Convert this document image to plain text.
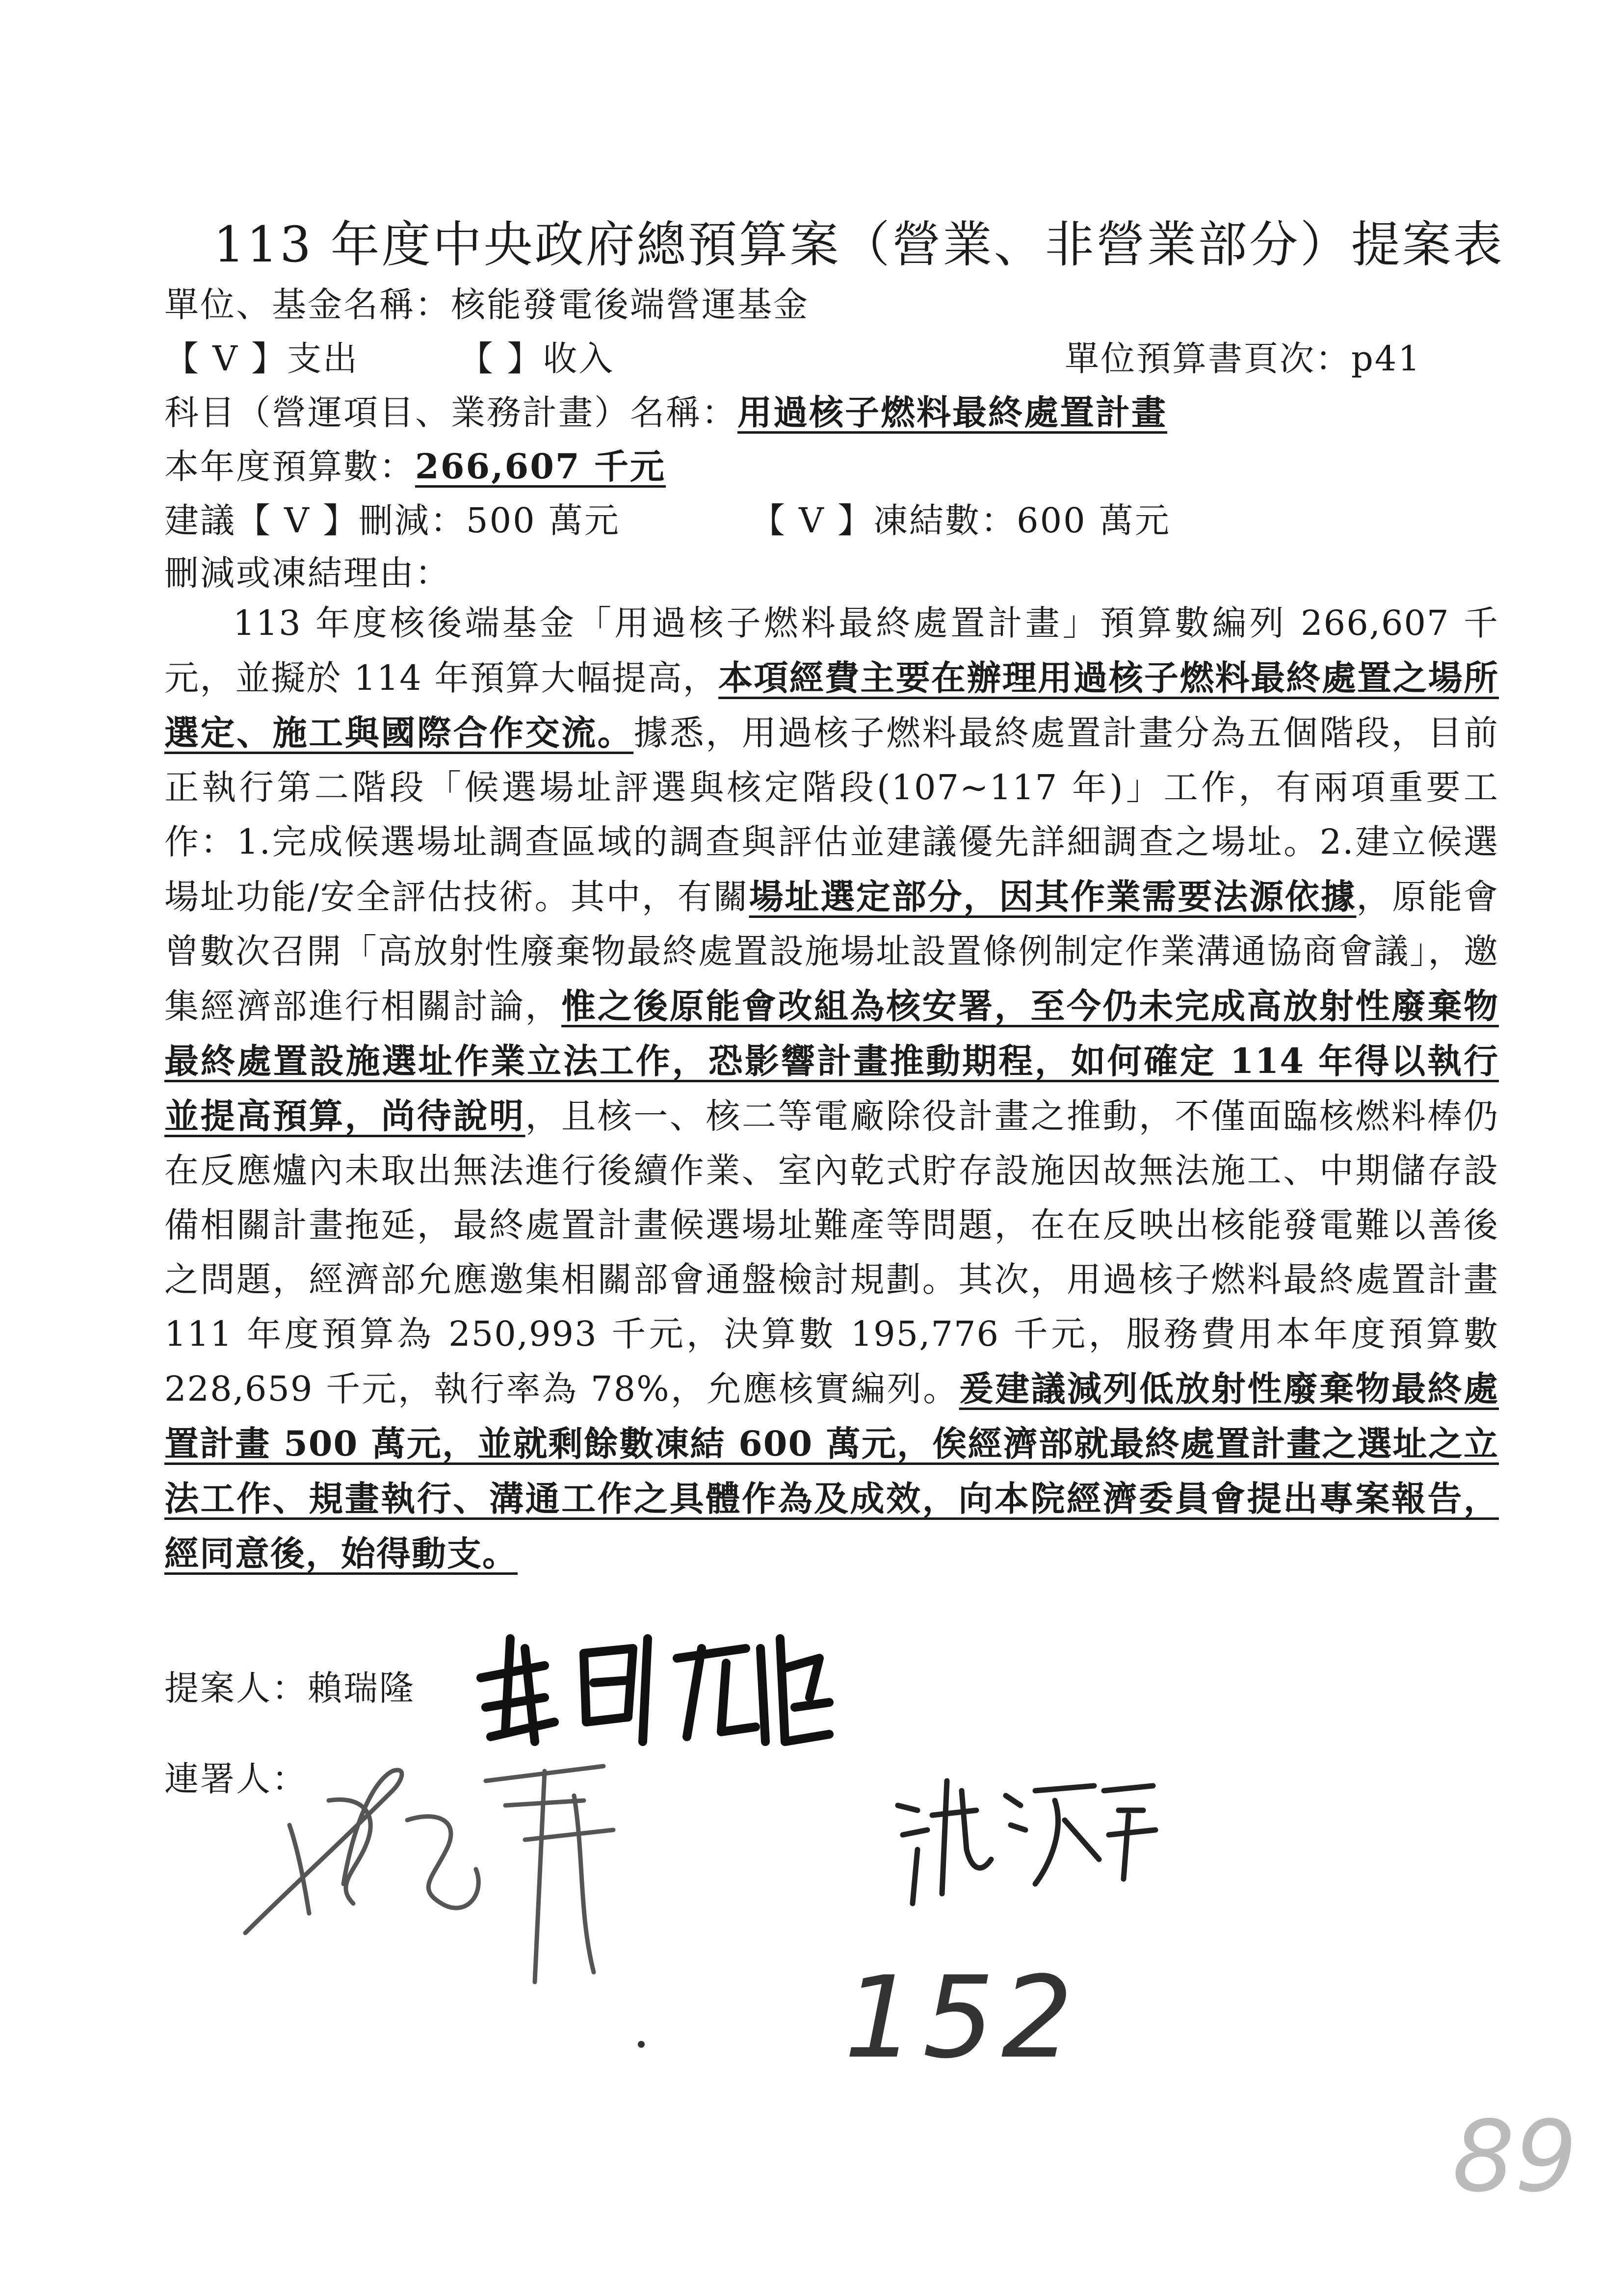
113 年度中央政府總預算案（營業、非營業部分）提案表
單位、基金名稱：核能發電後端營運基金
【 V 】支出	【 】收入	單位預算書頁次：p41
科目（營運項目、業務計畫）名稱：用過核子燃料最終處置計畫
本年度預算數：266,607 千元
建議【 V 】刪減：500 萬元	【 V 】凍結數：600 萬元
刪減或凍結理由：
113 年度核後端基金「用過核子燃料最終處置計畫」預算數編列 266,607 千元，並擬於 114 年預算大幅提高，本項經費主要在辦理用過核子燃料最終處置之場所選定、施工與國際合作交流。據悉，用過核子燃料最終處置計畫分為五個階段，目前正執行第二階段「候選場址評選與核定階段(107~117 年)」工作，有兩項重要工作：1.完成候選場址調查區域的調查與評估並建議優先詳細調查之場址。2.建立候選場址功能/安全評估技術。其中，有關場址選定部分，因其作業需要法源依據，原能會曾數次召開「高放射性廢棄物最終處置設施場址設置條例制定作業溝通協商會議」，邀集經濟部進行相關討論，惟之後原能會改組為核安署，至今仍未完成高放射性廢棄物最終處置設施選址作業立法工作，恐影響計畫推動期程，如何確定 114 年得以執行並提高預算，尚待說明，且核一、核二等電廠除役計畫之推動，不僅面臨核燃料棒仍在反應爐內未取出無法進行後續作業、室內乾式貯存設施因故無法施工、中期儲存設備相關計畫拖延，最終處置計畫候選場址難產等問題，在在反映出核能發電難以善後之問題，經濟部允應邀集相關部會通盤檢討規劃。其次，用過核子燃料最終處置計畫 111 年度預算為 250,993 千元，決算數 195,776 千元，服務費用本年度預算數 228,659 千元，執行率為 78%，允應核實編列。爰建議減列低放射性廢棄物最終處置計畫 500 萬元，並就剩餘數凍結 600 萬元，俟經濟部就最終處置計畫之選址之立法工作、規畫執行、溝通工作之具體作為及成效，向本院經濟委員會提出專案報告，經同意後，始得動支。
提案人：賴瑞隆
連署人：
152
89
